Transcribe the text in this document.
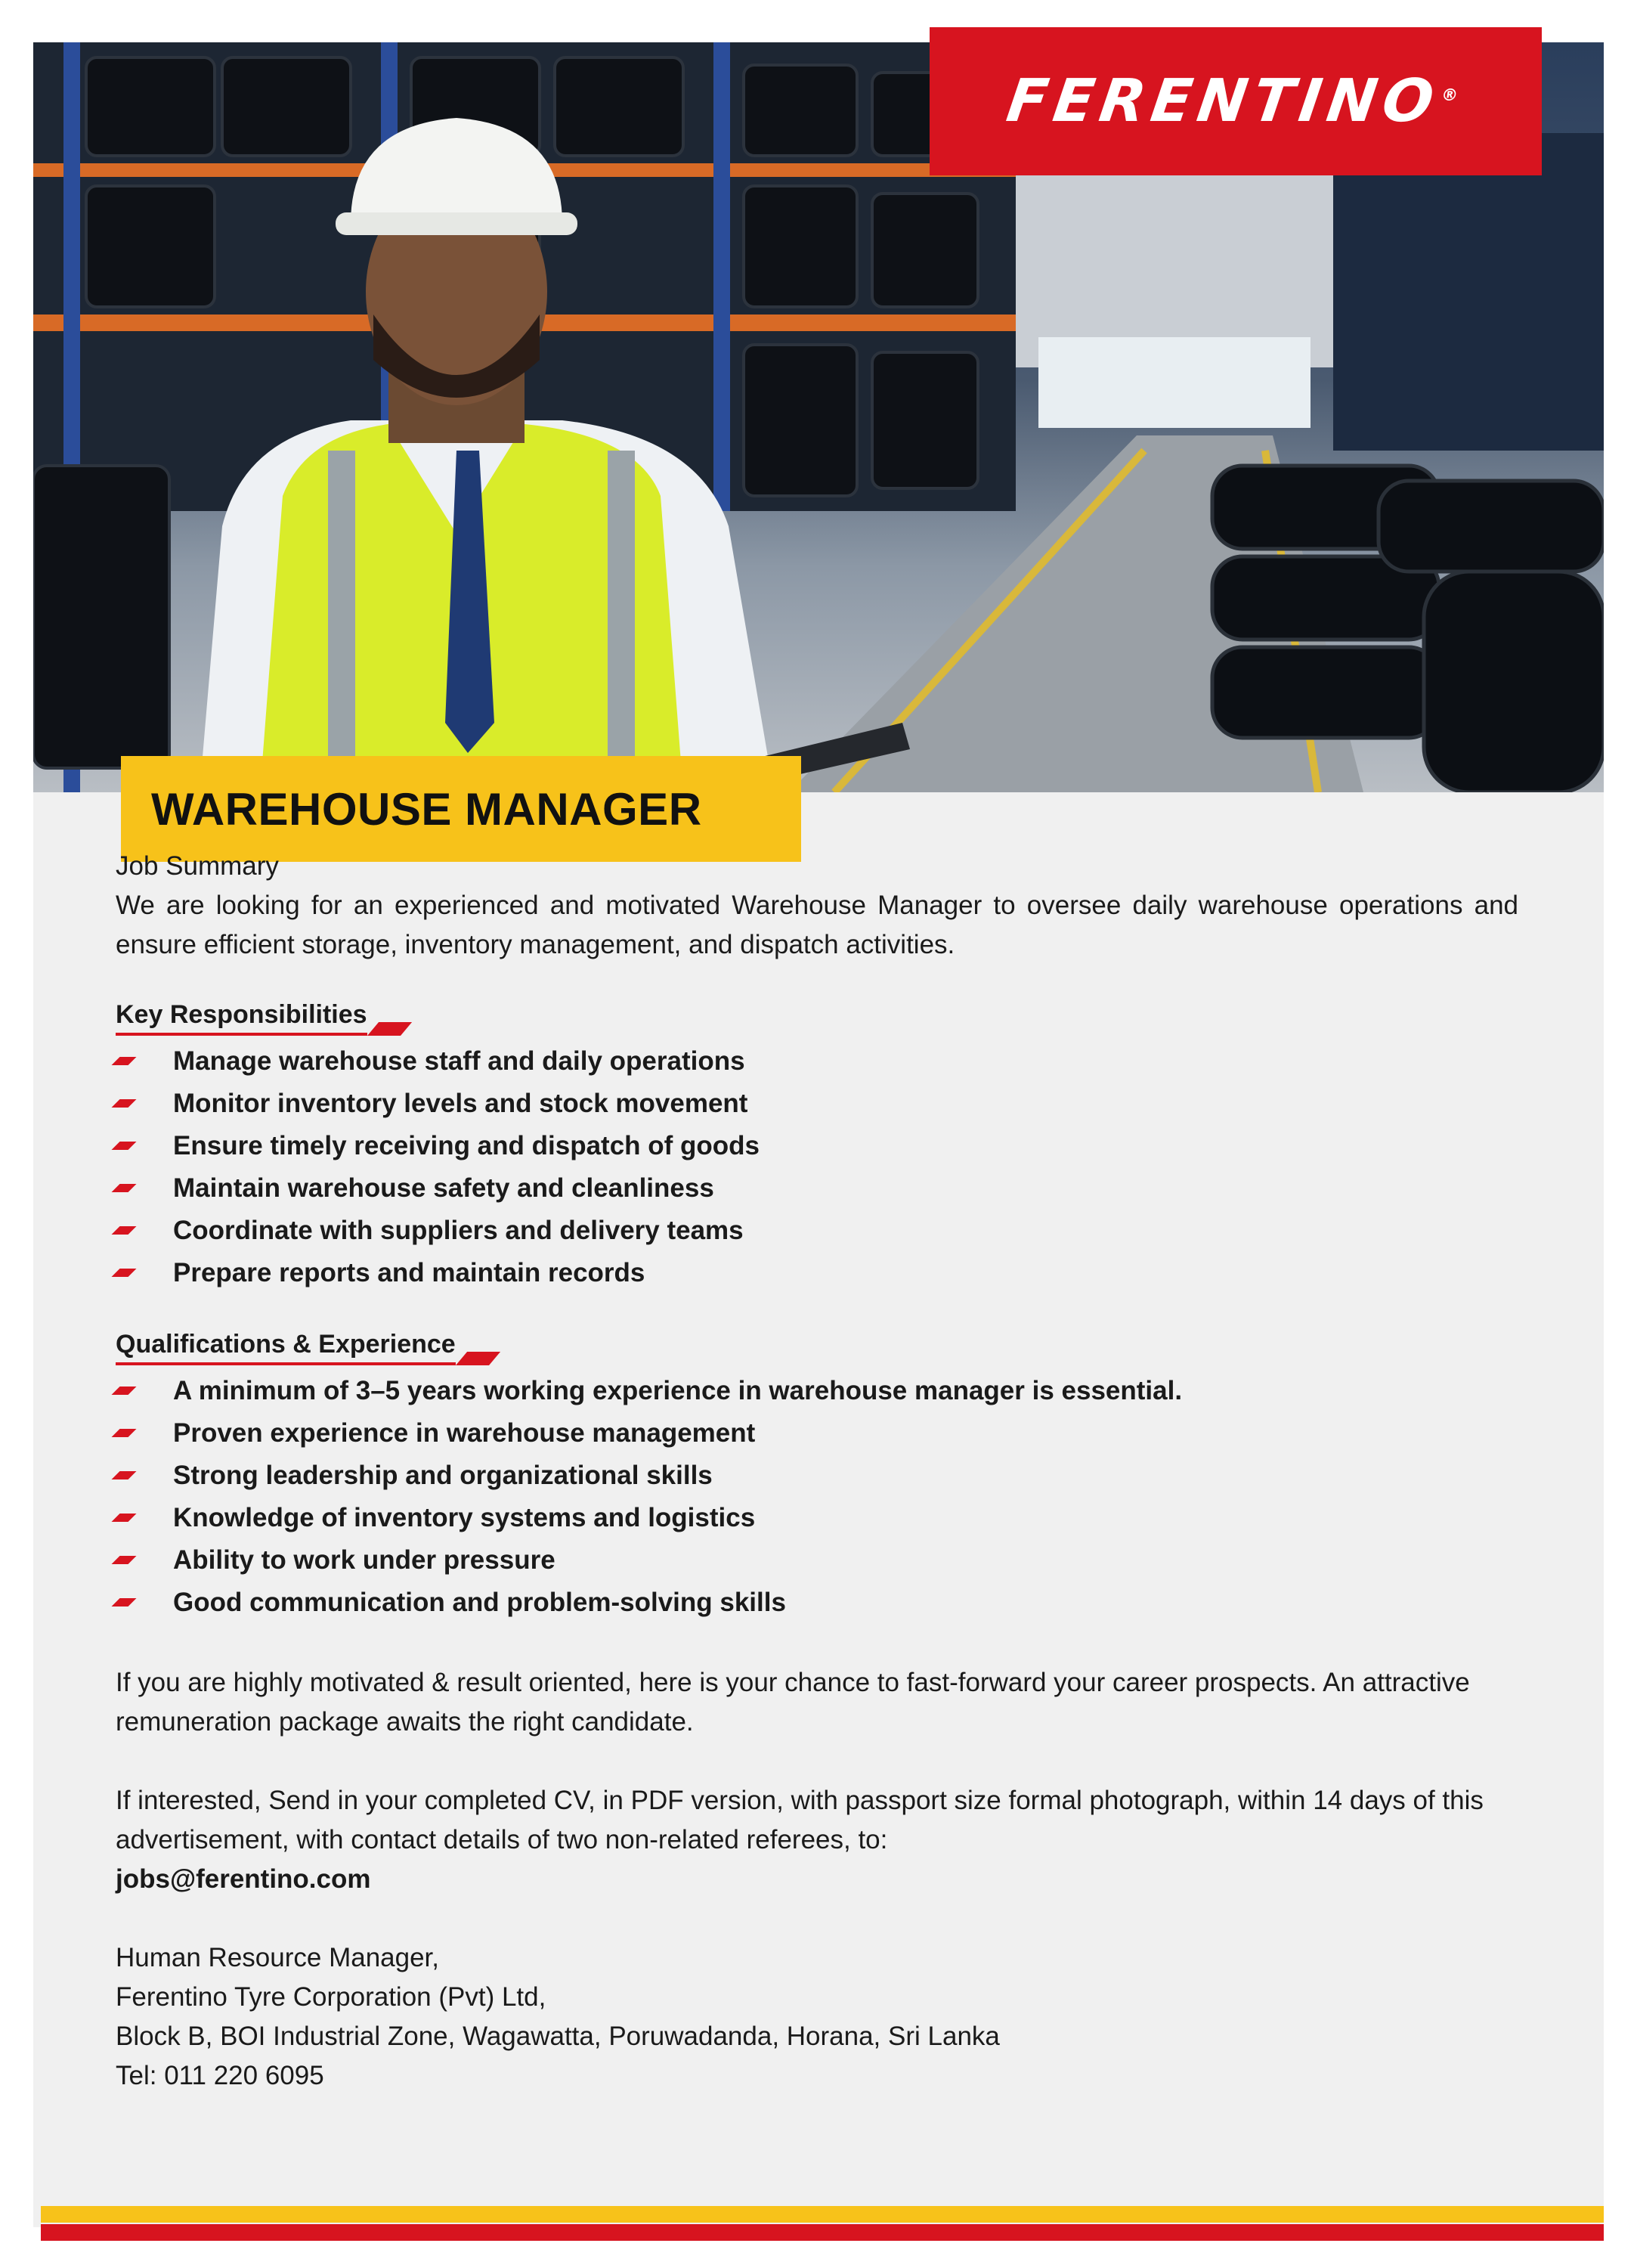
FERENTINO®
WAREHOUSE MANAGER
Job Summary

We are looking for an experienced and motivated Warehouse Manager to oversee daily warehouse operations and ensure efficient storage, inventory management, and dispatch activities.

Key Responsibilities
Manage warehouse staff and daily operations
Monitor inventory levels and stock movement
Ensure timely receiving and dispatch of goods
Maintain warehouse safety and cleanliness
Coordinate with suppliers and delivery teams
Prepare reports and maintain records
Qualifications & Experience
A minimum of 3–5 years working experience in warehouse manager is essential.
Proven experience in warehouse management
Strong leadership and organizational skills
Knowledge of inventory systems and logistics
Ability to work under pressure
Good communication and problem-solving skills

If you are highly motivated & result oriented, here is your chance to fast-forward your career prospects. An attractive remuneration package awaits the right candidate.

If interested, Send in your completed CV, in PDF version, with passport size formal photograph, within 14 days of this advertisement, with contact details of two non-related referees, to:

jobs@ferentino.com
Human Resource Manager,
Ferentino Tyre Corporation (Pvt) Ltd,
Block B, BOI Industrial Zone, Wagawatta, Poruwadanda, Horana, Sri Lanka
Tel: 011 220 6095
